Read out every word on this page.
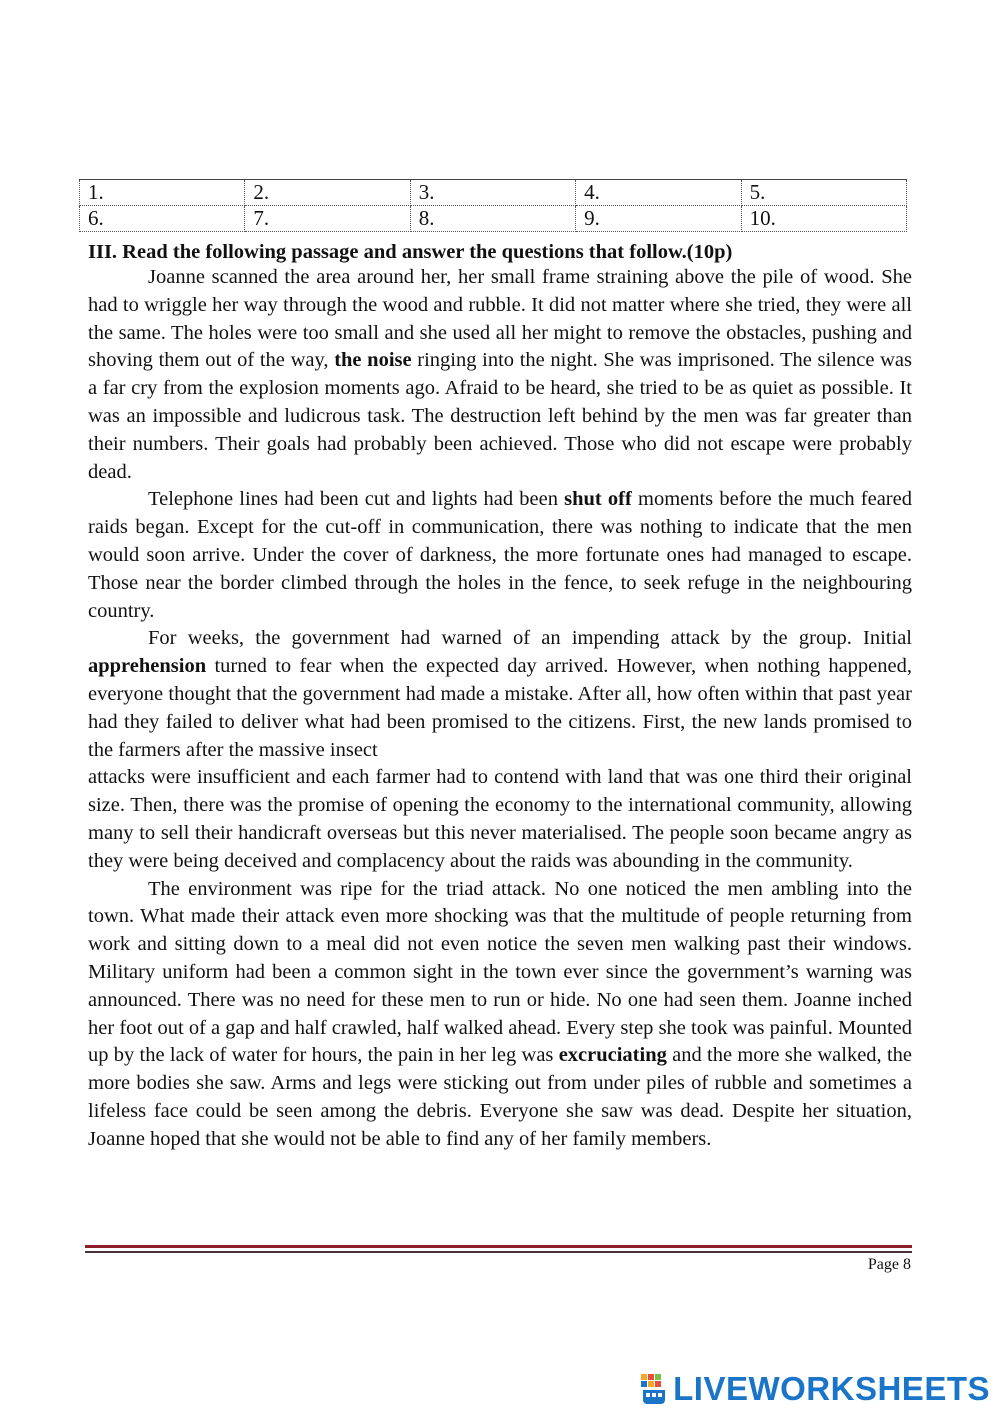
1.	2.	3.	4.	5.
6.	7.	8.	9.	10.
III. Read the following passage and answer the questions that follow.(10p)

Joanne scanned the area around her, her small frame straining above the pile of wood. She had to wriggle her way through the wood and rubble. It did not matter where she tried, they were all the same. The holes were too small and she used all her might to remove the obstacles, pushing and shoving them out of the way, the noise ringing into the night. She was imprisoned. The silence was a far cry from the explosion moments ago. Afraid to be heard, she tried to be as quiet as possible. It was an impossible and ludicrous task. The destruction left behind by the men was far greater than their numbers. Their goals had probably been achieved. Those who did not escape were probably dead.

Telephone lines had been cut and lights had been shut off moments before the much feared raids began. Except for the cut-off in communication, there was nothing to indicate that the men would soon arrive. Under the cover of darkness, the more fortunate ones had managed to escape. Those near the border climbed through the holes in the fence, to seek refuge in the neighbouring country.

For weeks, the government had warned of an impending attack by the group. Initial apprehension turned to fear when the expected day arrived. However, when nothing happened, everyone thought that the government had made a mistake. After all, how often within that past year had they failed to deliver what had been promised to the citizens. First, the new lands promised to the farmers after the massive insect

attacks were insufficient and each farmer had to contend with land that was one third their original size. Then, there was the promise of opening the economy to the international community, allowing many to sell their handicraft overseas but this never materialised. The people soon became angry as they were being deceived and complacency about the raids was abounding in the community.

The environment was ripe for the triad attack. No one noticed the men ambling into the town. What made their attack even more shocking was that the multitude of people returning from work and sitting down to a meal did not even notice the seven men walking past their windows. Military uniform had been a common sight in the town ever since the government’s warning was announced. There was no need for these men to run or hide. No one had seen them. Joanne inched her foot out of a gap and half crawled, half walked ahead. Every step she took was painful. Mounted up by the lack of water for hours, the pain in her leg was excruciating and the more she walked, the more bodies she saw. Arms and legs were sticking out from under piles of rubble and sometimes a lifeless face could be seen among the debris. Everyone she saw was dead. Despite her situation, Joanne hoped that she would not be able to find any of her family members.

Page 8
LIVEWORKSHEETS
